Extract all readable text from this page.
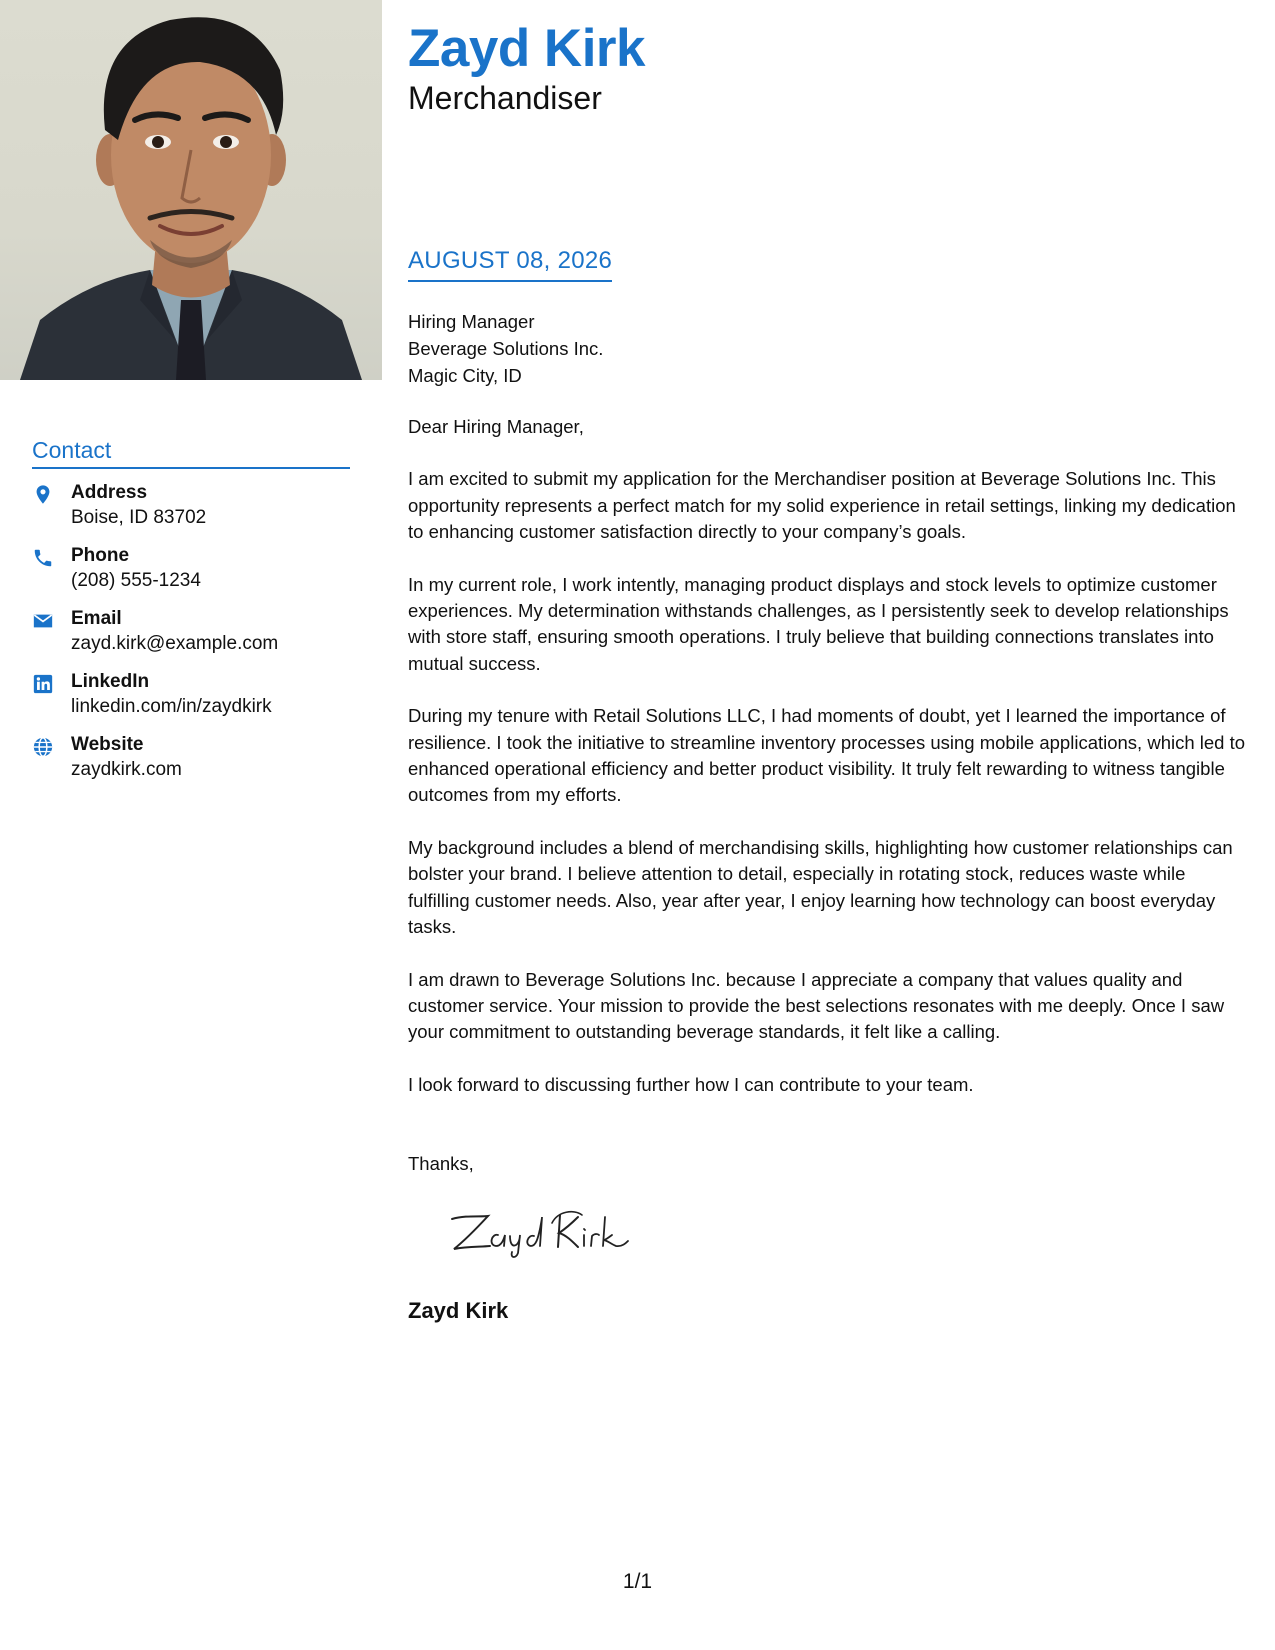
Contact
Address
Boise, ID 83702
Phone
(208) 555-1234
Email
zayd.kirk@example.com
LinkedIn
linkedin.com/in/zaydkirk
Website
zaydkirk.com
Zayd Kirk
Merchandiser
AUGUST 08, 2026
Hiring Manager
Beverage Solutions Inc.
Magic City, ID

Dear Hiring Manager,

I am excited to submit my application for the Merchandiser position at Beverage Solutions Inc. This opportunity represents a perfect match for my solid experience in retail settings, linking my dedication to enhancing customer satisfaction directly to your company’s goals.

In my current role, I work intently, managing product displays and stock levels to optimize customer experiences. My determination withstands challenges, as I persistently seek to develop relationships with store staff, ensuring smooth operations. I truly believe that building connections translates into mutual success.

During my tenure with Retail Solutions LLC, I had moments of doubt, yet I learned the importance of resilience. I took the initiative to streamline inventory processes using mobile applications, which led to enhanced operational efficiency and better product visibility. It truly felt rewarding to witness tangible outcomes from my efforts.

My background includes a blend of merchandising skills, highlighting how customer relationships can bolster your brand. I believe attention to detail, especially in rotating stock, reduces waste while fulfilling customer needs. Also, year after year, I enjoy learning how technology can boost everyday tasks.

I am drawn to Beverage Solutions Inc. because I appreciate a company that values quality and customer service. Your mission to provide the best selections resonates with me deeply. Once I saw your commitment to outstanding beverage standards, it felt like a calling.

I look forward to discussing further how I can contribute to your team.

Thanks,
Zayd Kirk
1/1
